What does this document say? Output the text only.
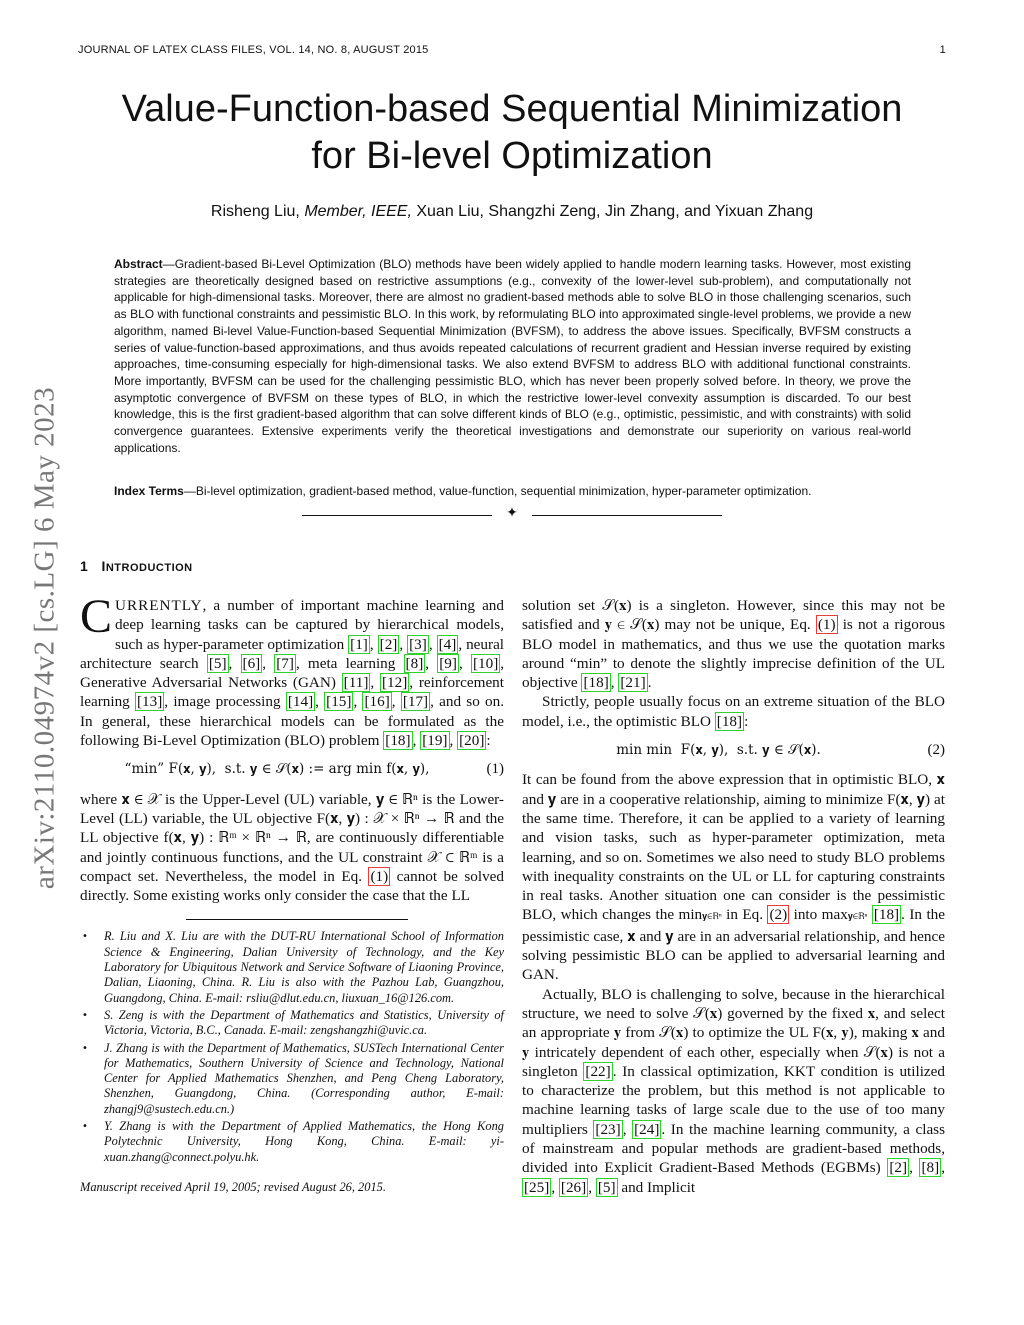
JOURNAL OF LATEX CLASS FILES, VOL. 14, NO. 8, AUGUST 2015	1
Value-Function-based Sequential Minimization
for Bi-level Optimization
Risheng Liu, Member, IEEE, Xuan Liu, Shangzhi Zeng, Jin Zhang, and Yixuan Zhang
Abstract—Gradient-based Bi-Level Optimization (BLO) methods have been widely applied to handle modern learning tasks. However, most existing strategies are theoretically designed based on restrictive assumptions (e.g., convexity of the lower-level sub-problem), and computationally not applicable for high-dimensional tasks. Moreover, there are almost no gradient-based methods able to solve BLO in those challenging scenarios, such as BLO with functional constraints and pessimistic BLO. In this work, by reformulating BLO into approximated single-level problems, we provide a new algorithm, named Bi-level Value-Function-based Sequential Minimization (BVFSM), to address the above issues. Specifically, BVFSM constructs a series of value-function-based approximations, and thus avoids repeated calculations of recurrent gradient and Hessian inverse required by existing approaches, time-consuming especially for high-dimensional tasks. We also extend BVFSM to address BLO with additional functional constraints. More importantly, BVFSM can be used for the challenging pessimistic BLO, which has never been properly solved before. In theory, we prove the asymptotic convergence of BVFSM on these types of BLO, in which the restrictive lower-level convexity assumption is discarded. To our best knowledge, this is the first gradient-based algorithm that can solve different kinds of BLO (e.g., optimistic, pessimistic, and with constraints) with solid convergence guarantees. Extensive experiments verify the theoretical investigations and demonstrate our superiority on various real-world applications.
Index Terms—Bi-level optimization, gradient-based method, value-function, sequential minimization, hyper-parameter optimization.
✦
arXiv:2110.04974v2 [cs.LG] 6 May 2023 1 INTRODUCTION

CURRENTLY, a number of important machine learning and deep learning tasks can be captured by hierarchical models, such as hyper-parameter optimization [1] , [2] , [3] , [4] , neural architecture search [5] , [6] , [7] , meta learning [8] , [9] , [10] , Generative Adversarial Networks (GAN) [11] , [12] , reinforcement learning [13] , image processing [14] , [15] , [16] , [17] , and so on. In general, these hierarchical models can be formulated as the following Bi-Level Optimization (BLO) problem [18] , [19] , [20] :

“min” F(𝐱, 𝐲),  s.t. 𝐲 ∈ 𝒮(𝐱) := arg min f(𝐱, 𝐲),	(1)

where 𝐱 ∈ 𝒳 is the Upper-Level (UL) variable, 𝐲 ∈ ℝⁿ is the Lower-Level (LL) variable, the UL objective F(𝐱, 𝐲) : 𝒳 × ℝⁿ → ℝ and the LL objective f(𝐱, 𝐲) : ℝᵐ × ℝⁿ → ℝ, are continuously differentiable and jointly continuous functions, and the UL constraint 𝒳 ⊂ ℝᵐ is a compact set. Nevertheless, the model in Eq. (1) cannot be solved directly. Some existing works only consider the case that the LL

• R. Liu and X. Liu are with the DUT-RU International School of Information Science & Engineering, Dalian University of Technology, and the Key Laboratory for Ubiquitous Network and Service Software of Liaoning Province, Dalian, Liaoning, China. R. Liu is also with the Pazhou Lab, Guangzhou, Guangdong, China. E-mail: rsliu@dlut.edu.cn, liuxuan_16@126.com.
• S. Zeng is with the Department of Mathematics and Statistics, University of Victoria, Victoria, B.C., Canada. E-mail: zengshangzhi@uvic.ca.
• J. Zhang is with the Department of Mathematics, SUSTech International Center for Mathematics, Southern University of Science and Technology, National Center for Applied Mathematics Shenzhen, and Peng Cheng Laboratory, Shenzhen, Guangdong, China. (Corresponding author, E-mail: zhangj9@sustech.edu.cn.)
• Y. Zhang is with the Department of Applied Mathematics, the Hong Kong Polytechnic University, Hong Kong, China. E-mail: yi-xuan.zhang@connect.polyu.hk.
Manuscript received April 19, 2005; revised August 26, 2015.

solution set 𝒮(𝐱) is a singleton. However, since this may not be satisfied and 𝐲 ∈ 𝒮(𝐱) may not be unique, Eq. (1) is not a rigorous BLO model in mathematics, and thus we use the quotation marks around “min” to denote the slightly imprecise definition of the UL objective [18] , [21] .

Strictly, people usually focus on an extreme situation of the BLO model, i.e., the optimistic BLO [18] :

min min  F(𝐱, 𝐲),  s.t. 𝐲 ∈ 𝒮(𝐱).	(2)

It can be found from the above expression that in optimistic BLO, 𝐱 and 𝐲 are in a cooperative relationship, aiming to minimize F(𝐱, 𝐲) at the same time. Therefore, it can be applied to a variety of learning and vision tasks, such as hyper-parameter optimization, meta learning, and so on. Sometimes we also need to study BLO problems with inequality constraints on the UL or LL for capturing constraints in real tasks. Another situation one can consider is the pessimistic BLO, which changes the min𝐲∈ℝⁿ in Eq. (2) into max𝐲∈ℝⁿ [18] . In the pessimistic case, 𝐱 and 𝐲 are in an adversarial relationship, and hence solving pessimistic BLO can be applied to adversarial learning and GAN.

Actually, BLO is challenging to solve, because in the hierarchical structure, we need to solve 𝒮(𝐱) governed by the fixed 𝐱, and select an appropriate 𝐲 from 𝒮(𝐱) to optimize the UL F(𝐱, 𝐲), making 𝐱 and 𝐲 intricately dependent of each other, especially when 𝒮(𝐱) is not a singleton [22] . In classical optimization, KKT condition is utilized to characterize the problem, but this method is not applicable to machine learning tasks of large scale due to the use of too many multipliers [23] , [24] . In the machine learning community, a class of mainstream and popular methods are gradient-based methods, divided into Explicit Gradient-Based Methods (EGBMs) [2] , [8] , [25] , [26] , [5] and Implicit
